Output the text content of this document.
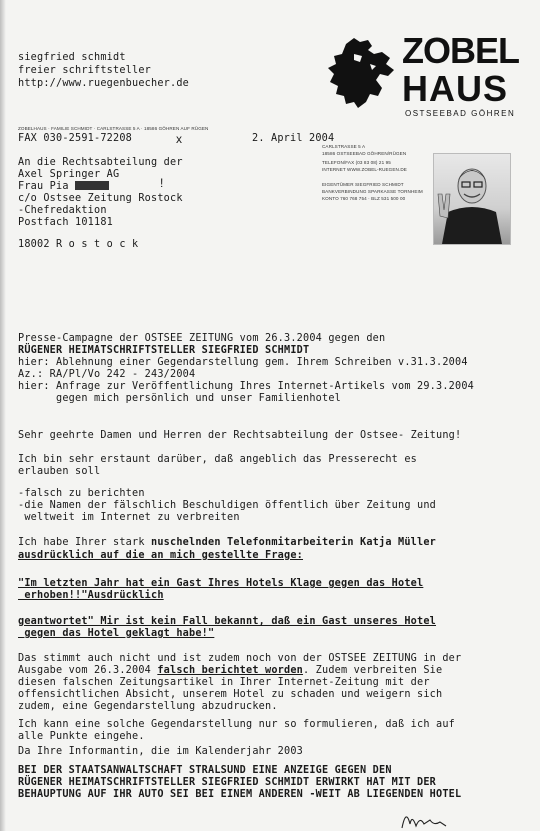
siegfried schmidt
freier schriftsteller
http://www.ruegenbuecher.de
ZOBEL
HAUS
OSTSEEBAD GÖHREN
ZOBELHAUS · FAMILIE SCHMIDT · CARLSTRASSE 5 A · 18586 GÖHREN AUF RÜGEN
FAX 030-2591-72208	x	2. April 2004
CARLSTRASSE 5 A
18586 OSTSEEBAD GÖHREN/RÜGEN
TELEFON/FAX (03 83 08) 21 95
INTERNET WWW.ZOBEL-RUEGEN.DE
EIGENTÜMER SIEGFRIED SCHMIDT
BANKVERBINDUNG SPARKASSE TORNHEIM
KONTO 760 768 754 · BLZ 531 500 00
An die Rechtsabteilung der
Axel Springer AG
Frau Pia	!
c/o Ostsee Zeitung Rostock
-Chefredaktion
Postfach 101181
18002 R o s t o c k
Presse-Campagne der OSTSEE ZEITUNG vom 26.3.2004 gegen den
RÜGENER HEIMATSCHRIFTSTELLER SIEGFRIED SCHMIDT
hier: Ablehnung einer Gegendarstellung gem. Ihrem Schreiben v.31.3.2004
Az.: RA/Pl/Vo 242 - 243/2004
hier: Anfrage zur Veröffentlichung Ihres Internet-Artikels vom 29.3.2004
gegen mich persönlich und unser Familienhotel
Sehr geehrte Damen und Herren der Rechtsabteilung der Ostsee- Zeitung!
Ich bin sehr erstaunt darüber, daß angeblich das Presserecht es
erlauben soll
-falsch zu berichten
-die Namen der fälschlich Beschuldigen öffentlich über Zeitung und
weltweit im Internet zu verbreiten
Ich habe Ihrer stark nuschelnden Telefonmitarbeiterin Katja Müller
ausdrücklich auf die an mich gestellte Frage:
"Im letzten Jahr hat ein Gast Ihres Hotels Klage gegen das Hotel
erhoben!!"Ausdrücklich
geantwortet" Mir ist kein Fall bekannt, daß ein Gast unseres Hotel
gegen das Hotel geklagt habe!"
Das stimmt auch nicht und ist zudem noch von der OSTSEE ZEITUNG in der
Ausgabe vom 26.3.2004 falsch berichtet worden. Zudem verbreiten Sie
diesen falschen Zeitungsartikel in Ihrer Internet-Zeitung mit der
offensichtlichen Absicht, unserem Hotel zu schaden und weigern sich
zudem, eine Gegendarstellung abzudrucken.
Ich kann eine solche Gegendarstellung nur so formulieren, daß ich auf
alle Punkte eingehe.
Da Ihre Informantin, die im Kalenderjahr 2003
BEI DER STAATSANWALTSCHAFT STRALSUND EINE ANZEIGE GEGEN DEN
RÜGENER HEIMATSCHRIFTSTELLER SIEGFRIED SCHMIDT ERWIRKT HAT MIT DER
BEHAUPTUNG AUF IHR AUTO SEI BEI EINEM ANDEREN -WEIT AB LIEGENDEN HOTEL
